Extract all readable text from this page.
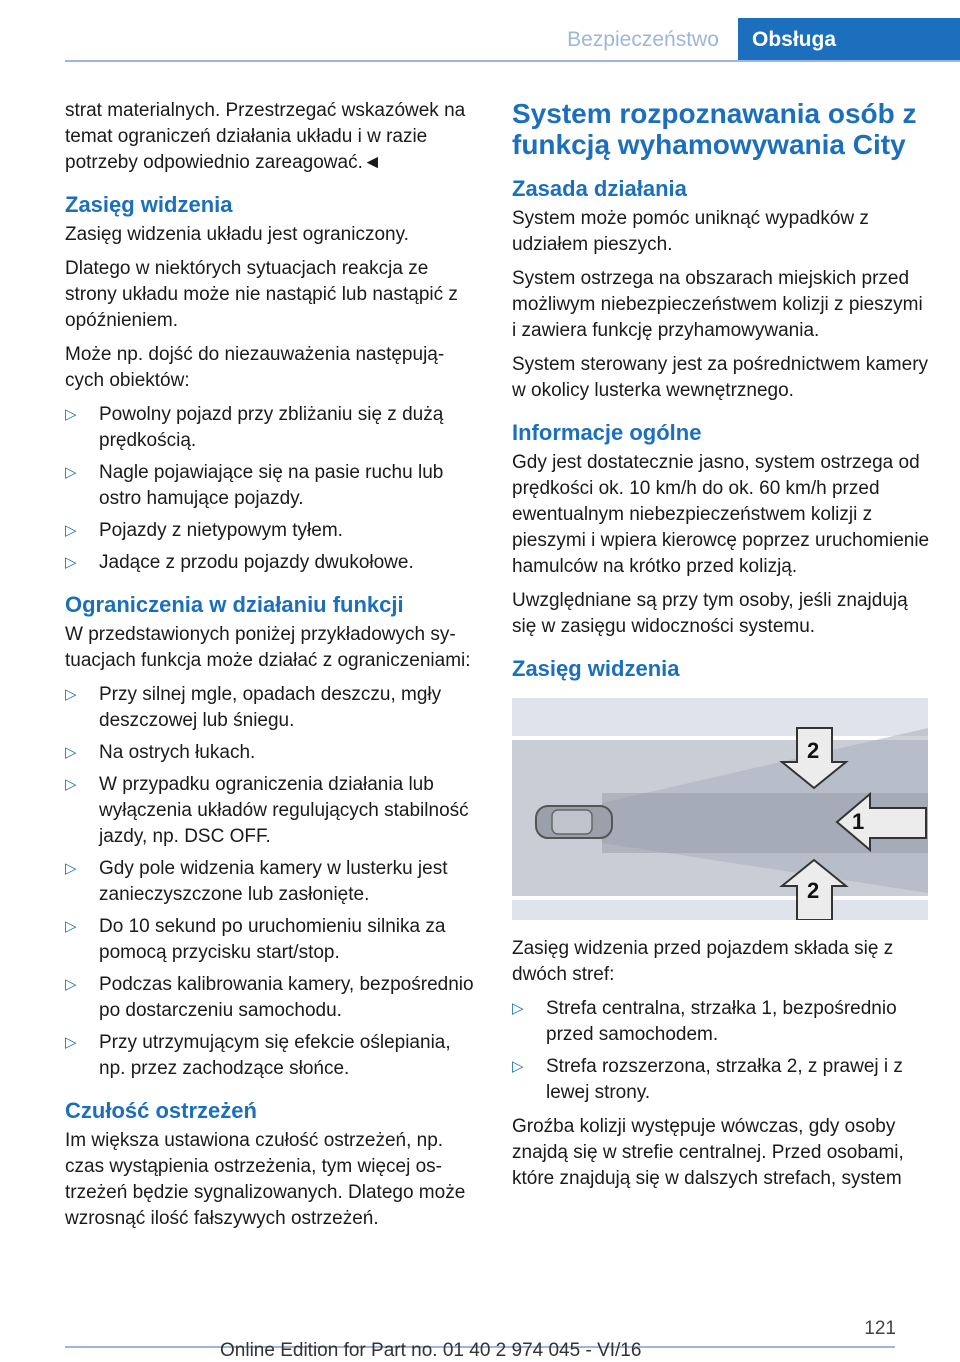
Bezpieczeństwo	Obsługa

strat materialnych. Przestrzegać wskazówek na temat ograniczeń działania układu i w razie potrzeby odpowiednio zareagować.◄

Zasięg widzenia

Zasięg widzenia układu jest ograniczony.

Dlatego w niektórych sytuacjach reakcja ze strony układu może nie nastąpić lub nastąpić z opóźnieniem.

Może np. dojść do niezauważenia następujących obiektów:

▷ Powolny pojazd przy zbliżaniu się z dużą prędkością.
▷ Nagle pojawiające się na pasie ruchu lub ostro hamujące pojazdy.
▷ Pojazdy z nietypowym tyłem.
▷ Jadące z przodu pojazdy dwukołowe.
Ograniczenia w działaniu funkcji

W przedstawionych poniżej przykładowych sytuacjach funkcja może działać z ograniczeniami:

▷ Przy silnej mgle, opadach deszczu, mgły deszczowej lub śniegu.
▷ Na ostrych łukach.
▷ W przypadku ograniczenia działania lub wyłączenia układów regulujących stabilność jazdy, np. DSC OFF.
▷ Gdy pole widzenia kamery w lusterku jest zanieczyszczone lub zasłonięte.
▷ Do 10 sekund po uruchomieniu silnika za pomocą przycisku start/stop.
▷ Podczas kalibrowania kamery, bezpośrednio po dostarczeniu samochodu.
▷ Przy utrzymującym się efekcie oślepiania, np. przez zachodzące słońce.
Czułość ostrzeżeń

Im większa ustawiona czułość ostrzeżeń, np. czas wystąpienia ostrzeżenia, tym więcej ostrzeżeń będzie sygnalizowanych. Dlatego może wzrosnąć ilość fałszywych ostrzeżeń.

System rozpoznawania osób z funkcją wyhamowywania City
Zasada działania

System może pomóc uniknąć wypadków z udziałem pieszych.

System ostrzega na obszarach miejskich przed możliwym niebezpieczeństwem kolizji z pieszymi i zawiera funkcję przyhamowywania.

System sterowany jest za pośrednictwem kamery w okolicy lusterka wewnętrznego.

Informacje ogólne

Gdy jest dostatecznie jasno, system ostrzega od prędkości ok. 10 km/h do ok. 60 km/h przed ewentualnym niebezpieczeństwem kolizji z pieszymi i wpiera kierowcę poprzez uruchomienie hamulców na krótko przed kolizją.

Uwzględniane są przy tym osoby, jeśli znajdują się w zasięgu widoczności systemu.

Zasięg widzenia
1
2
2

Zasięg widzenia przed pojazdem składa się z dwóch stref:

▷ Strefa centralna, strzałka 1, bezpośrednio przed samochodem.
▷ Strefa rozszerzona, strzałka 2, z prawej i z lewej strony.

Groźba kolizji występuje wówczas, gdy osoby znajdą się w strefie centralnej. Przed osobami, które znajdują się w dalszych strefach, system

121
Online Edition for Part no. 01 40 2 974 045 - VI/16
